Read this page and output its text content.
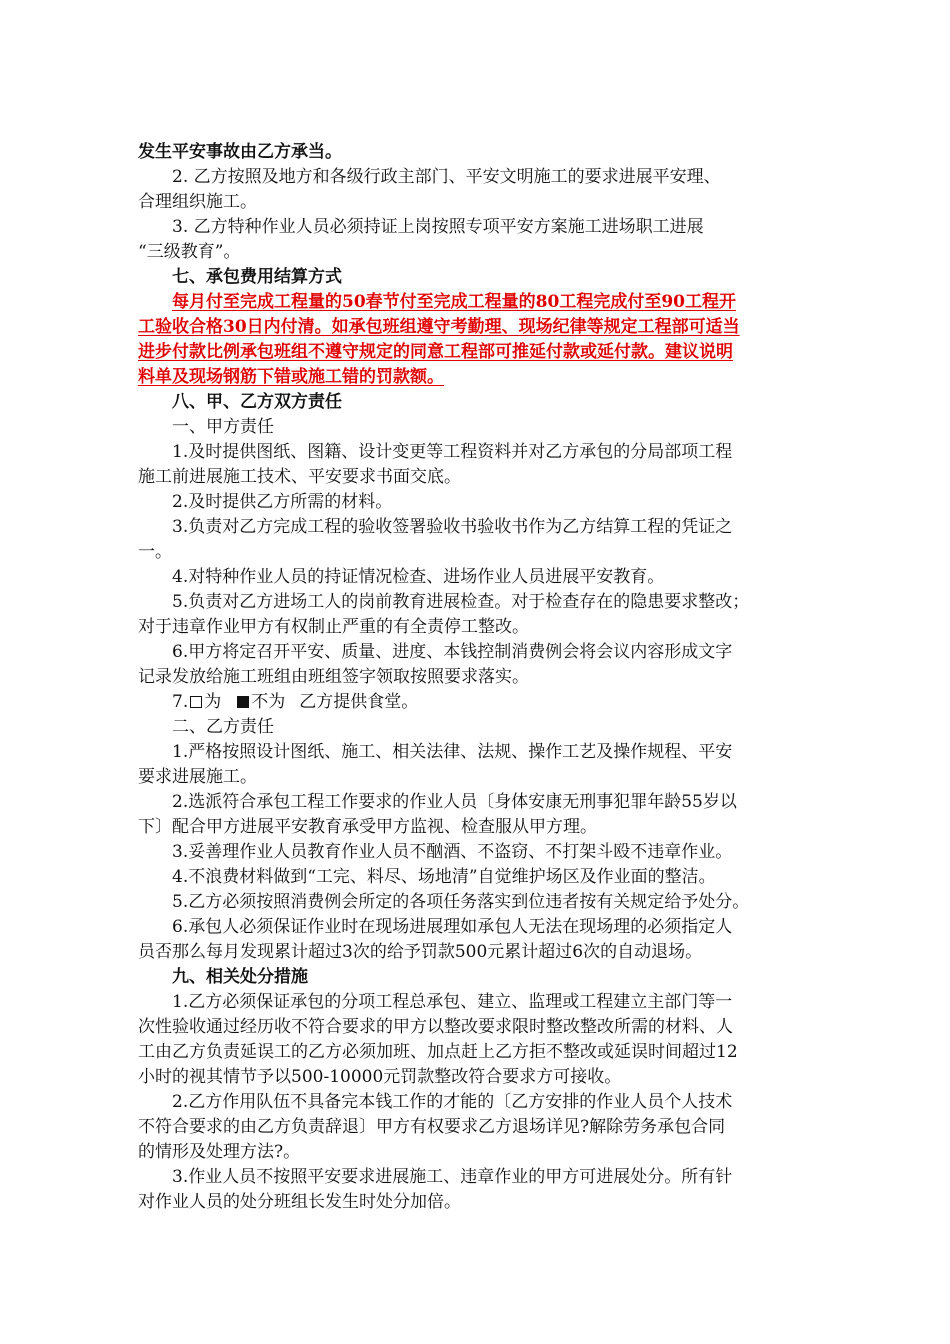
发生平安事故由乙方承当。
2. 乙方按照及地方和各级行政主部门、平安文明施工的要求进展平安理、
合理组织施工。
3. 乙方特种作业人员必须持证上岗按照专项平安方案施工进场职工进展
“三级教育”。
七、承包费用结算方式
每月付至完成工程量的50春节付至完成工程量的80工程完成付至90工程开
工验收合格30日内付清。如承包班组遵守考勤理、现场纪律等规定工程部可适当
进步付款比例承包班组不遵守规定的同意工程部可推延付款或延付款。建议说明
料单及现场钢筋下错或施工错的罚款额。
八、甲、乙方双方责任
一、甲方责任
1.及时提供图纸、图籍、设计变更等工程资料并对乙方承包的分局部项工程
施工前进展施工技术、平安要求书面交底。
2.及时提供乙方所需的材料。
3.负责对乙方完成工程的验收签署验收书验收书作为乙方结算工程的凭证之
一。
4.对特种作业人员的持证情况检查、进场作业人员进展平安教育。
5.负责对乙方进场工人的岗前教育进展检查。对于检查存在的隐患要求整改；
对于违章作业甲方有权制止严重的有全责停工整改。
6.甲方将定召开平安、质量、进度、本钱控制消费例会将会议内容形成文字
记录发放给施工班组由班组签字领取按照要求落实。
7. 为 不为 乙方提供食堂。
二、乙方责任
1.严格按照设计图纸、施工、相关法律、法规、操作工艺及操作规程、平安
要求进展施工。
2.选派符合承包工程工作要求的作业人员〔身体安康无刑事犯罪年龄55岁以
下〕配合甲方进展平安教育承受甲方监视、检查服从甲方理。
3.妥善理作业人员教育作业人员不酗酒、不盗窃、不打架斗殴不违章作业。
4.不浪费材料做到“工完、料尽、场地清”自觉维护场区及作业面的整洁。
5.乙方必须按照消费例会所定的各项任务落实到位违者按有关规定给予处分。
6.承包人必须保证作业时在现场进展理如承包人无法在现场理的必须指定人
员否那么每月发现累计超过3次的给予罚款500元累计超过6次的自动退场。
九、相关处分措施
1.乙方必须保证承包的分项工程总承包、建立、监理或工程建立主部门等一
次性验收通过经历收不符合要求的甲方以整改要求限时整改整改所需的材料、人
工由乙方负责延误工的乙方必须加班、加点赶上乙方拒不整改或延误时间超过12
小时的视其情节予以500-10000元罚款整改符合要求方可接收。
2.乙方作用队伍不具备完本钱工作的才能的〔乙方安排的作业人员个人技术
不符合要求的由乙方负责辞退〕甲方有权要求乙方退场详见?解除劳务承包合同
的情形及处理方法?。
3.作业人员不按照平安要求进展施工、违章作业的甲方可进展处分。所有针
对作业人员的处分班组长发生时处分加倍。
